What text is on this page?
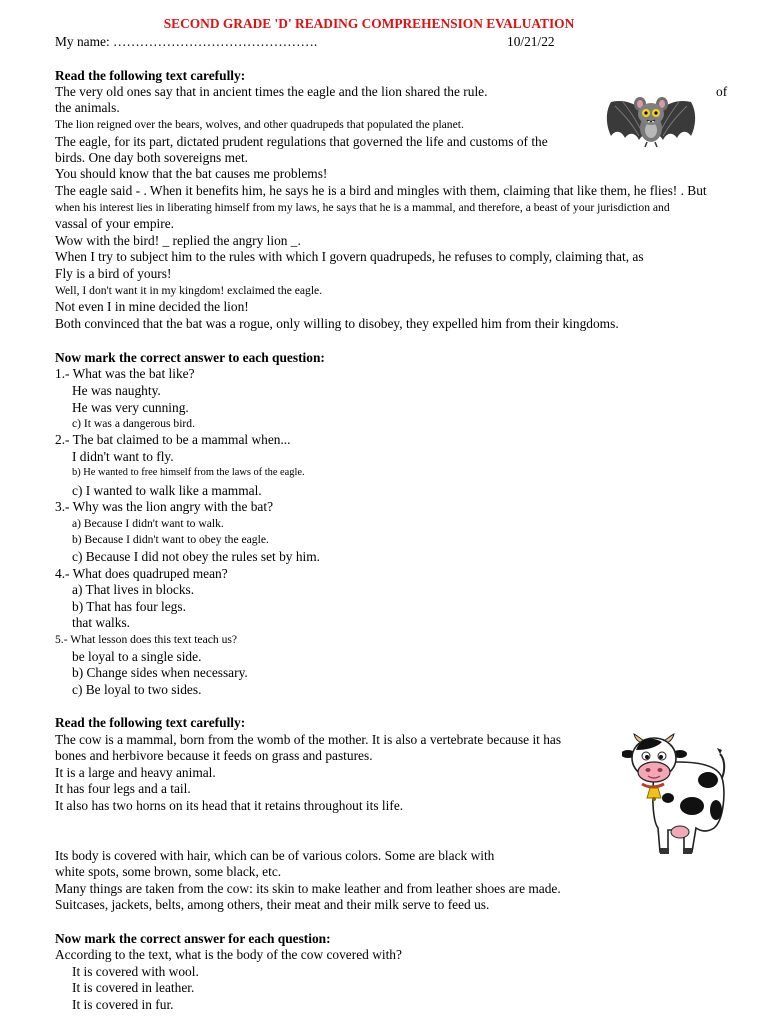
SECOND GRADE 'D' READING COMPREHENSION EVALUATION
My name: ……………………………………….	10/21/22
Read the following text carefully:
The very old ones say that in ancient times the eagle and the lion shared the rule.	of
the animals.
The lion reigned over the bears, wolves, and other quadrupeds that populated the planet.
The eagle, for its part, dictated prudent regulations that governed the life and customs of the
birds. One day both sovereigns met.
You should know that the bat causes me problems!
The eagle said - . When it benefits him, he says he is a bird and mingles with them, claiming that like them, he flies! . But
when his interest lies in liberating himself from my laws, he says that he is a mammal, and therefore, a beast of your jurisdiction and
vassal of your empire.
Wow with the bird! _ replied the angry lion _.
When I try to subject him to the rules with which I govern quadrupeds, he refuses to comply, claiming that, as
Fly is a bird of yours!
Well, I don't want it in my kingdom! exclaimed the eagle.
Not even I in mine decided the lion!
Both convinced that the bat was a rogue, only willing to disobey, they expelled him from their kingdoms.
Now mark the correct answer to each question:
1.- What was the bat like?
He was naughty.
He was very cunning.
c) It was a dangerous bird.
2.- The bat claimed to be a mammal when...
I didn't want to fly.
b) He wanted to free himself from the laws of the eagle.
c) I wanted to walk like a mammal.
3.- Why was the lion angry with the bat?
a) Because I didn't want to walk.
b) Because I didn't want to obey the eagle.
c) Because I did not obey the rules set by him.
4.- What does quadruped mean?
a) That lives in blocks.
b) That has four legs.
that walks.
5.- What lesson does this text teach us?
be loyal to a single side.
b) Change sides when necessary.
c) Be loyal to two sides.
Read the following text carefully:
The cow is a mammal, born from the womb of the mother. It is also a vertebrate because it has
bones and herbivore because it feeds on grass and pastures.
It is a large and heavy animal.
It has four legs and a tail.
It also has two horns on its head that it retains throughout its life.
Its body is covered with hair, which can be of various colors. Some are black with
white spots, some brown, some black, etc.
Many things are taken from the cow: its skin to make leather and from leather shoes are made.
Suitcases, jackets, belts, among others, their meat and their milk serve to feed us.
Now mark the correct answer for each question:
According to the text, what is the body of the cow covered with?
It is covered with wool.
It is covered in leather.
It is covered in fur.
